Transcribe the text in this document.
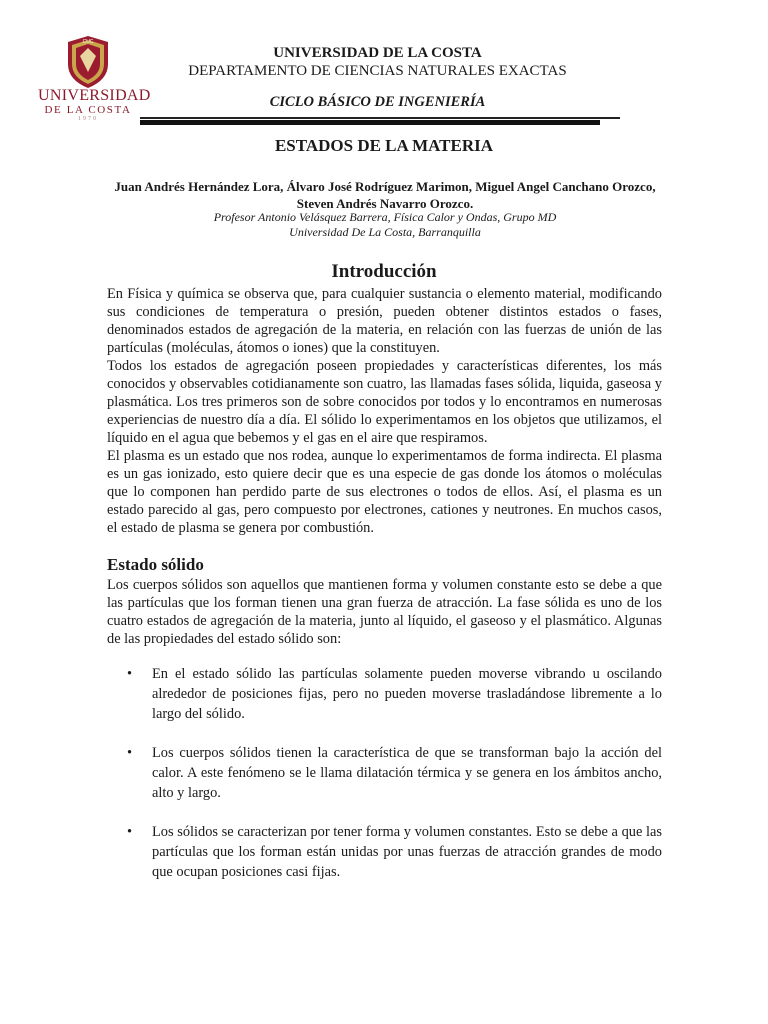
CUC
UNIVERSIDAD
DE LA COSTA
1970
UNIVERSIDAD DE LA COSTA
DEPARTAMENTO DE CIENCIAS NATURALES EXACTAS
CICLO BÁSICO DE INGENIERÍA
ESTADOS DE LA MATERIA
Juan Andrés Hernández Lora, Álvaro José Rodríguez Marimon, Miguel Angel Canchano Orozco, Steven Andrés Navarro Orozco.
Profesor Antonio Velásquez Barrera, Física Calor y Ondas, Grupo MD
Universidad De La Costa, Barranquilla
Introducción

En Física y química se observa que, para cualquier sustancia o elemento material, modificando sus condiciones de temperatura o presión, pueden obtener distintos estados o fases, denominados estados de agregación de la materia, en relación con las fuerzas de unión de las partículas (moléculas, átomos o iones) que la constituyen.

Todos los estados de agregación poseen propiedades y características diferentes, los más conocidos y observables cotidianamente son cuatro, las llamadas fases sólida, liquida, gaseosa y plasmática. Los tres primeros son de sobre conocidos por todos y lo encontramos en numerosas experiencias de nuestro día a día. El sólido lo experimentamos en los objetos que utilizamos, el líquido en el agua que bebemos y el gas en el aire que respiramos.

El plasma es un estado que nos rodea, aunque lo experimentamos de forma indirecta. El plasma es un gas ionizado, esto quiere decir que es una especie de gas donde los átomos o moléculas que lo componen han perdido parte de sus electrones o todos de ellos. Así, el plasma es un estado parecido al gas, pero compuesto por electrones, cationes y neutrones. En muchos casos, el estado de plasma se genera por combustión.

Estado sólido
Los cuerpos sólidos son aquellos que mantienen forma y volumen constante esto se debe a que las partículas que los forman tienen una gran fuerza de atracción. La fase sólida es uno de los cuatro estados de agregación de la materia, junto al líquido, el gaseoso y el plasmático. Algunas de las propiedades del estado sólido son:
• En el estado sólido las partículas solamente pueden moverse vibrando u oscilando alrededor de posiciones fijas, pero no pueden moverse trasladándose libremente a lo largo del sólido.
• Los cuerpos sólidos tienen la característica de que se transforman bajo la acción del calor. A este fenómeno se le llama dilatación térmica y se genera en los ámbitos ancho, alto y largo.
• Los sólidos se caracterizan por tener forma y volumen constantes. Esto se debe a que las partículas que los forman están unidas por unas fuerzas de atracción grandes de modo que ocupan posiciones casi fijas.
